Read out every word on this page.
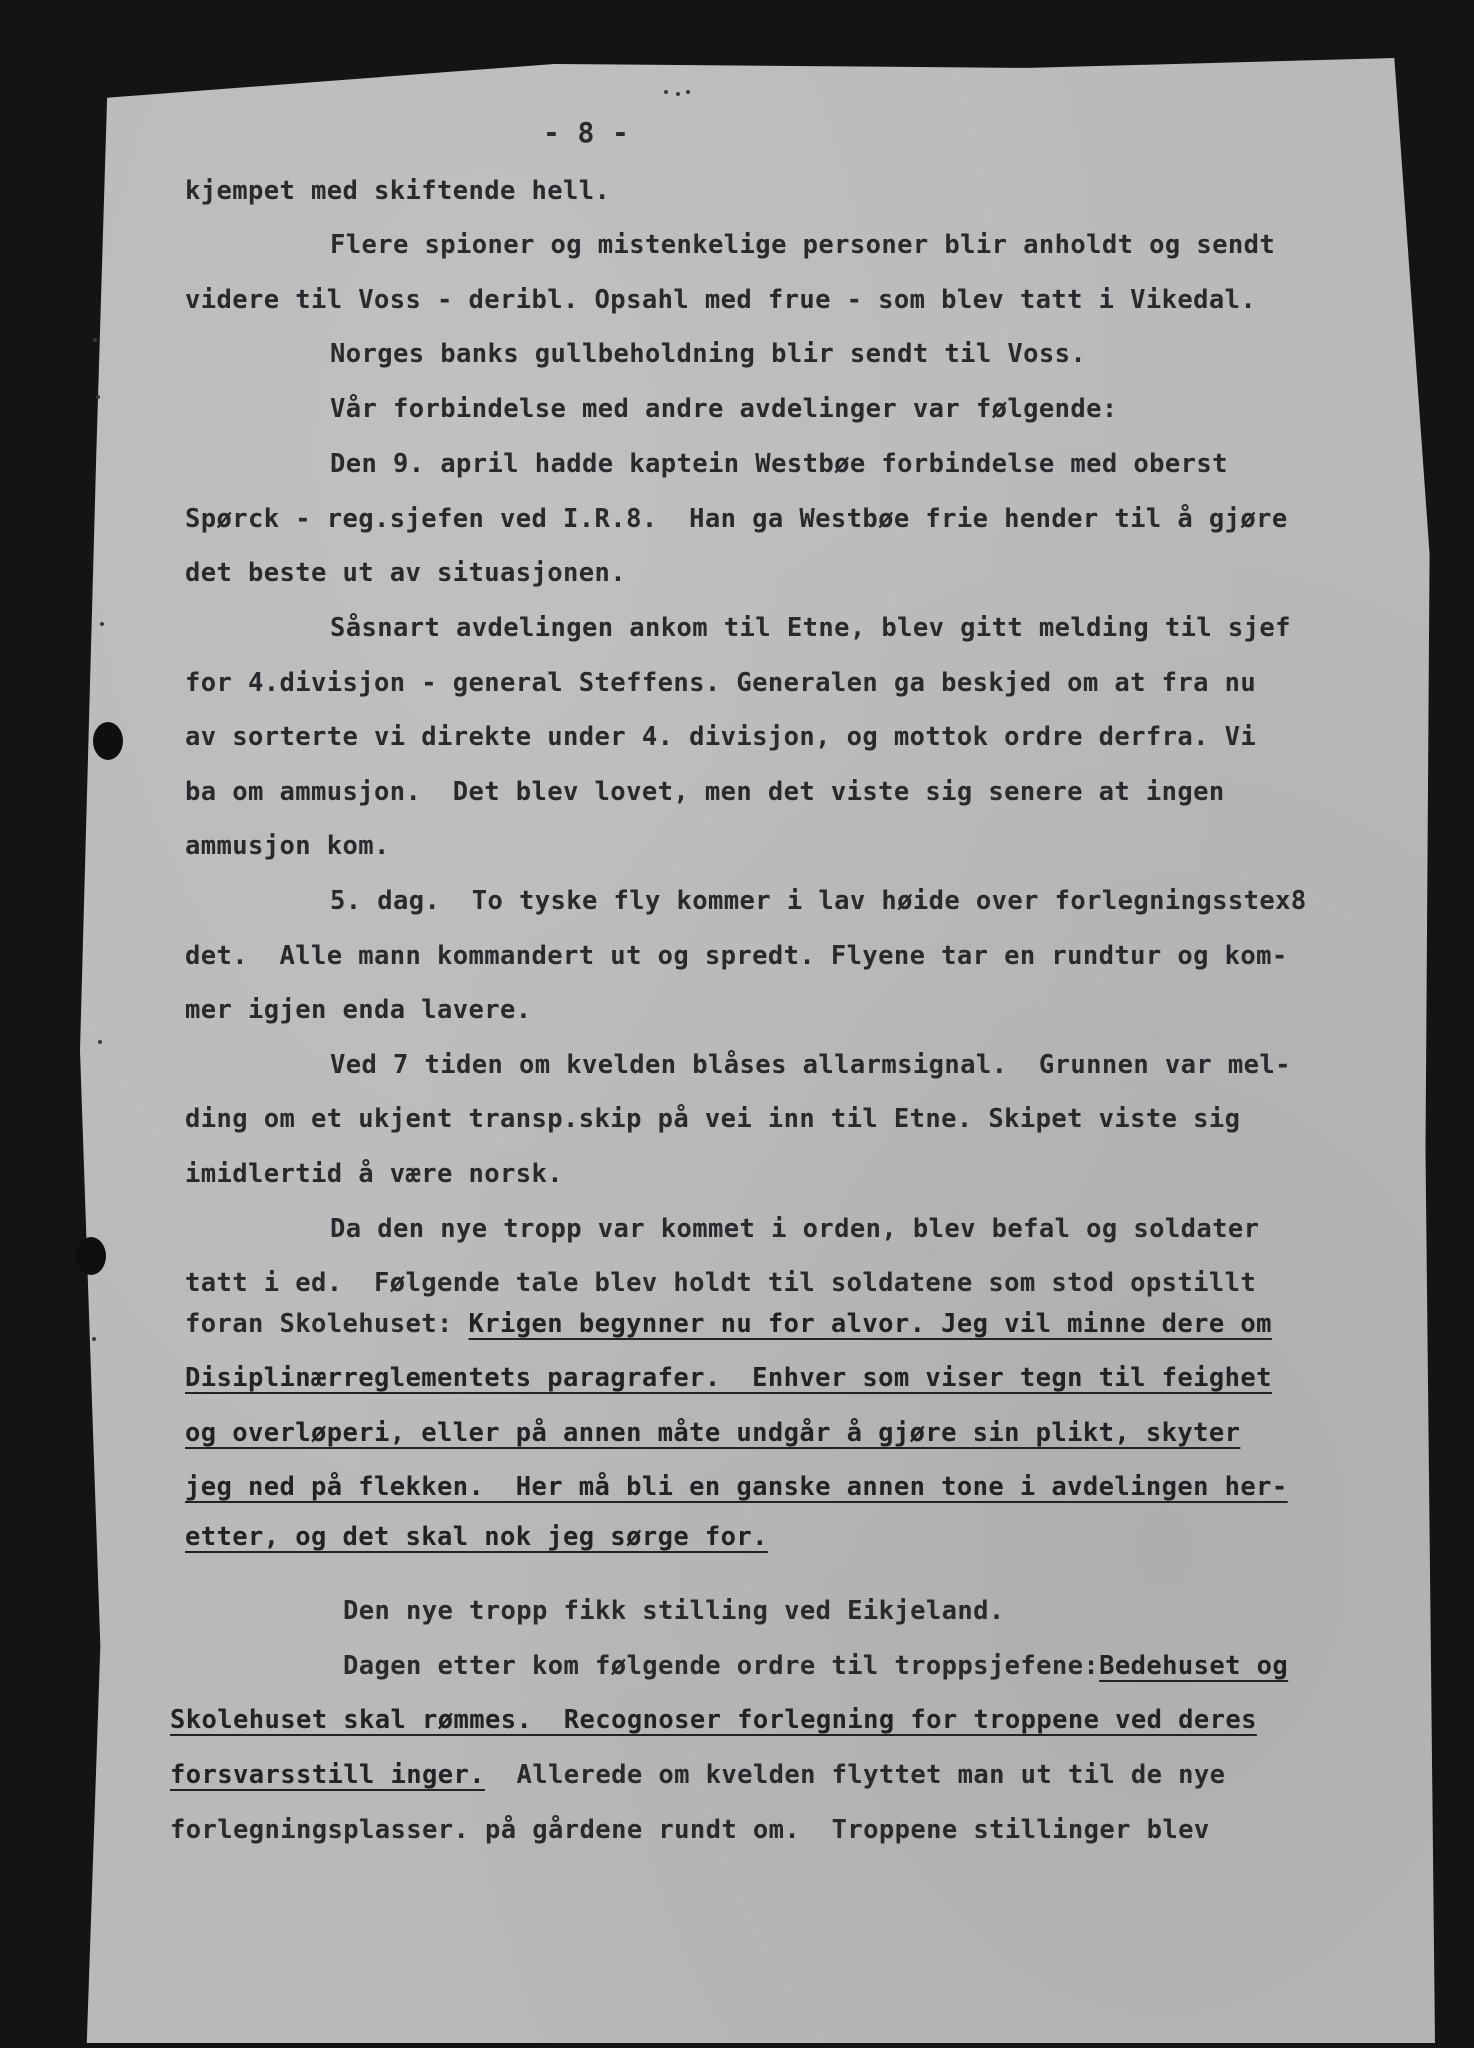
- 8 -
kjempet med skiftende hell.
Flere spioner og mistenkelige personer blir anholdt og sendt
videre til Voss - deribl. Opsahl med frue - som blev tatt i Vikedal.
Norges banks gullbeholdning blir sendt til Voss.
Vår forbindelse med andre avdelinger var følgende:
Den 9. april hadde kaptein Westbøe forbindelse med oberst
Spørck - reg.sjefen ved I.R.8.  Han ga Westbøe frie hender til å gjøre
det beste ut av situasjonen.
Såsnart avdelingen ankom til Etne, blev gitt melding til sjef
for 4.divisjon - general Steffens. Generalen ga beskjed om at fra nu
av sorterte vi direkte under 4. divisjon, og mottok ordre derfra. Vi
ba om ammusjon.  Det blev lovet, men det viste sig senere at ingen
ammusjon kom.
5. dag.  To tyske fly kommer i lav høide over forlegningsstex8
det.  Alle mann kommandert ut og spredt. Flyene tar en rundtur og kom-
mer igjen enda lavere.
Ved 7 tiden om kvelden blåses allarmsignal.  Grunnen var mel-
ding om et ukjent transp.skip på vei inn til Etne. Skipet viste sig
imidlertid å være norsk.
Da den nye tropp var kommet i orden, blev befal og soldater
tatt i ed.  Følgende tale blev holdt til soldatene som stod opstillt
foran Skolehuset: Krigen begynner nu for alvor. Jeg vil minne dere om
Disiplinærreglementets paragrafer.  Enhver som viser tegn til feighet
og overløperi, eller på annen måte undgår å gjøre sin plikt, skyter
jeg ned på flekken.  Her må bli en ganske annen tone i avdelingen her-
etter, og det skal nok jeg sørge for.
Den nye tropp fikk stilling ved Eikjeland.
Dagen etter kom følgende ordre til troppsjefene:Bedehuset og
Skolehuset skal rømmes.  Recognoser forlegning for troppene ved deres
forsvarsstill inger.  Allerede om kvelden flyttet man ut til de nye
forlegningsplasser. på gårdene rundt om.  Troppene stillinger blev
